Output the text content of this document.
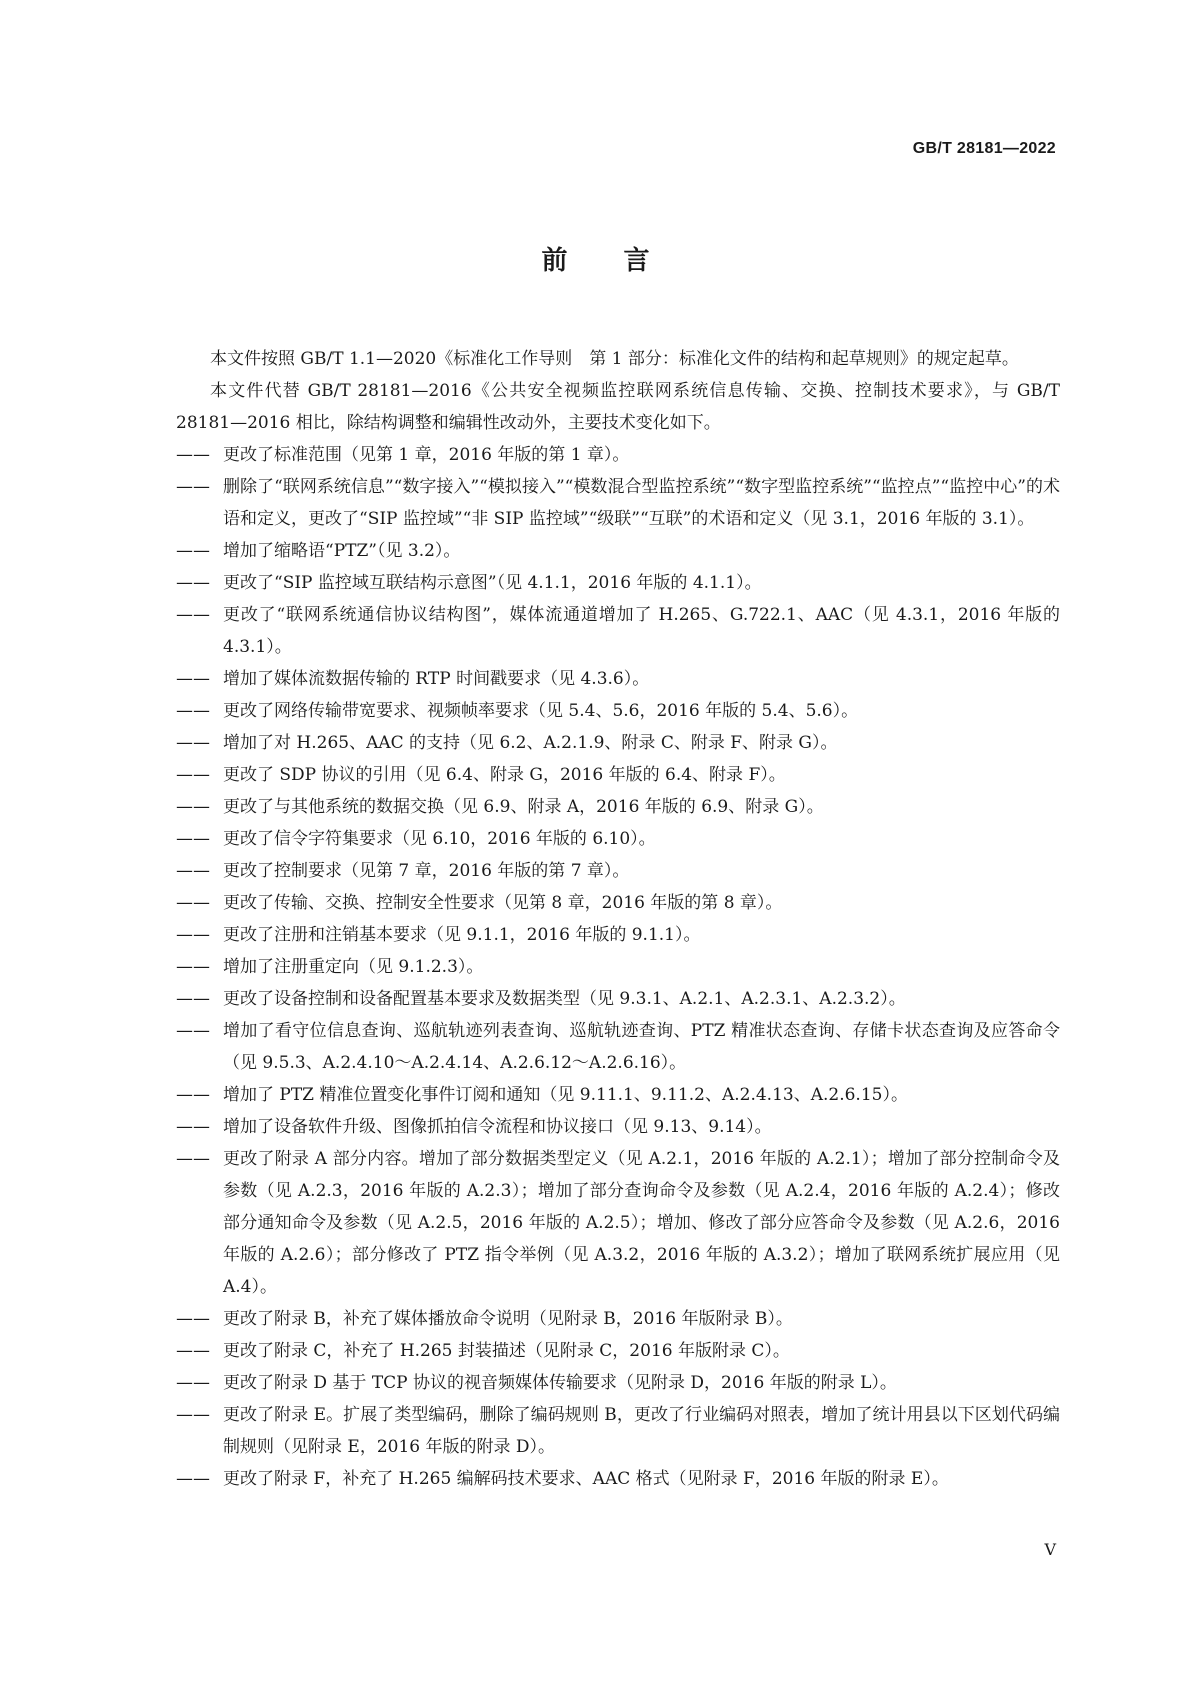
GB/T 28181—2022
前言

本文件按照 GB/T 1.1—2020《标准化工作导则　第 1 部分：标准化文件的结构和起草规则》的规定起草。

本文件代替 GB/T 28181—2016《公共安全视频监控联网系统信息传输、交换、控制技术要求》，与 GB/T 28181—2016 相比，除结构调整和编辑性改动外，主要技术变化如下。

—— 更改了标准范围（见第 1 章，2016 年版的第 1 章）。
—— 删除了“联网系统信息”“数字接入”“模拟接入”“模数混合型监控系统”“数字型监控系统”“监控点”“监控中心”的术语和定义，更改了“SIP 监控域”“非 SIP 监控域”“级联”“互联”的术语和定义（见 3.1，2016 年版的 3.1）。
—— 增加了缩略语“PTZ”（见 3.2）。
—— 更改了“SIP 监控域互联结构示意图”（见 4.1.1，2016 年版的 4.1.1）。
—— 更改了“联网系统通信协议结构图”，媒体流通道增加了 H.265、G.722.1、AAC（见 4.3.1，2016 年版的 4.3.1）。
—— 增加了媒体流数据传输的 RTP 时间戳要求（见 4.3.6）。
—— 更改了网络传输带宽要求、视频帧率要求（见 5.4、5.6，2016 年版的 5.4、5.6）。
—— 增加了对 H.265、AAC 的支持（见 6.2、A.2.1.9、附录 C、附录 F、附录 G）。
—— 更改了 SDP 协议的引用（见 6.4、附录 G，2016 年版的 6.4、附录 F）。
—— 更改了与其他系统的数据交换（见 6.9、附录 A，2016 年版的 6.9、附录 G）。
—— 更改了信令字符集要求（见 6.10，2016 年版的 6.10）。
—— 更改了控制要求（见第 7 章，2016 年版的第 7 章）。
—— 更改了传输、交换、控制安全性要求（见第 8 章，2016 年版的第 8 章）。
—— 更改了注册和注销基本要求（见 9.1.1，2016 年版的 9.1.1）。
—— 增加了注册重定向（见 9.1.2.3）。
—— 更改了设备控制和设备配置基本要求及数据类型（见 9.3.1、A.2.1、A.2.3.1、A.2.3.2）。
—— 增加了看守位信息查询、巡航轨迹列表查询、巡航轨迹查询、PTZ 精准状态查询、存储卡状态查询及应答命令（见 9.5.3、A.2.4.10～A.2.4.14、A.2.6.12～A.2.6.16）。
—— 增加了 PTZ 精准位置变化事件订阅和通知（见 9.11.1、9.11.2、A.2.4.13、A.2.6.15）。
—— 增加了设备软件升级、图像抓拍信令流程和协议接口（见 9.13、9.14）。
—— 更改了附录 A 部分内容。增加了部分数据类型定义（见 A.2.1，2016 年版的 A.2.1）；增加了部分控制命令及参数（见 A.2.3，2016 年版的 A.2.3）；增加了部分查询命令及参数（见 A.2.4，2016 年版的 A.2.4）；修改部分通知命令及参数（见 A.2.5，2016 年版的 A.2.5）；增加、修改了部分应答命令及参数（见 A.2.6，2016 年版的 A.2.6）；部分修改了 PTZ 指令举例（见 A.3.2，2016 年版的 A.3.2）；增加了联网系统扩展应用（见 A.4）。
—— 更改了附录 B，补充了媒体播放命令说明（见附录 B，2016 年版附录 B）。
—— 更改了附录 C，补充了 H.265 封装描述（见附录 C，2016 年版附录 C）。
—— 更改了附录 D 基于 TCP 协议的视音频媒体传输要求（见附录 D，2016 年版的附录 L）。
—— 更改了附录 E。扩展了类型编码，删除了编码规则 B，更改了行业编码对照表，增加了统计用县以下区划代码编制规则（见附录 E，2016 年版的附录 D）。
—— 更改了附录 F，补充了 H.265 编解码技术要求、AAC 格式（见附录 F，2016 年版的附录 E）。
V
